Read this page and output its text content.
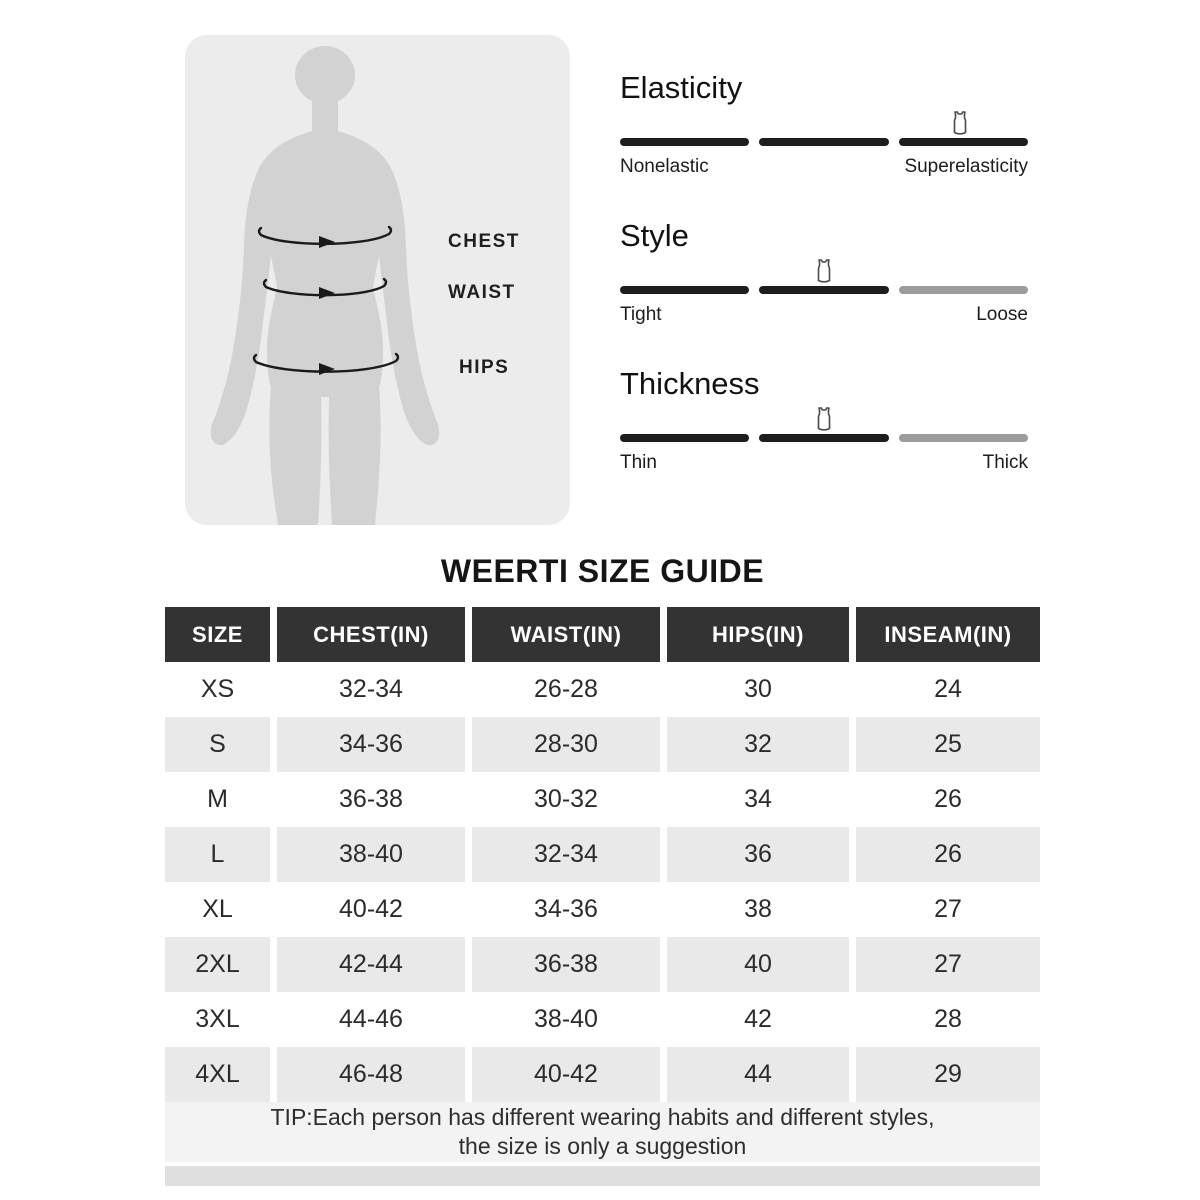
CHEST
WAIST
HIPS
Elasticity
Nonelastic	Superelasticity
Style
Tight	Loose
Thickness
Thin	Thick
WEERTI SIZE GUIDE
SIZE	CHEST(IN)	WAIST(IN)	HIPS(IN)	INSEAM(IN)
XS	32-34	26-28	30	24
S	34-36	28-30	32	25
M	36-38	30-32	34	26
L	38-40	32-34	36	26
XL	40-42	34-36	38	27
2XL	42-44	36-38	40	27
3XL	44-46	38-40	42	28
4XL	46-48	40-42	44	29
TIP:Each person has different wearing habits and different styles,
the size is only a suggestion
